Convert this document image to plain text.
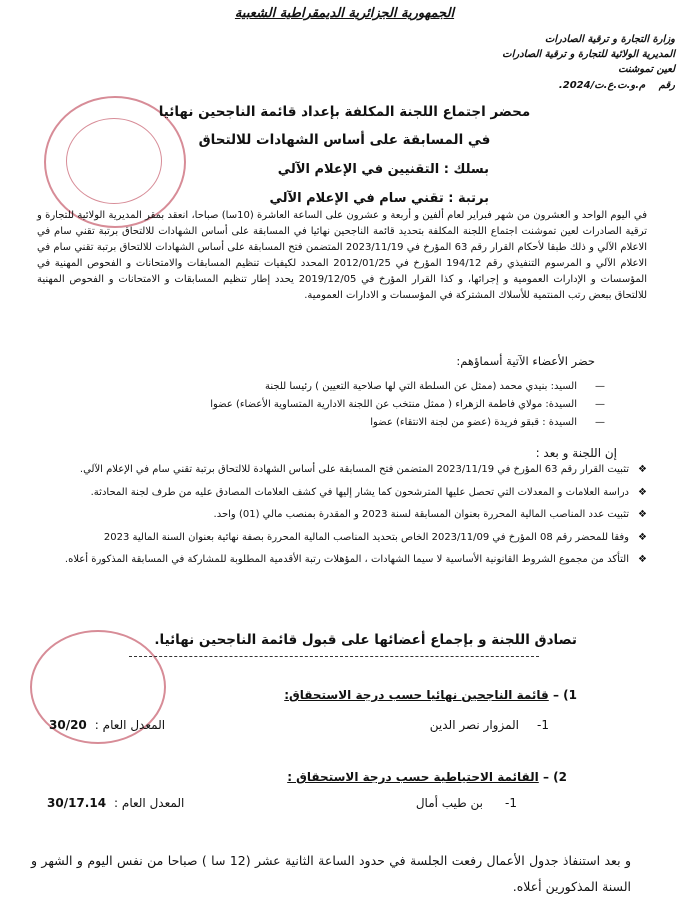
الجمهورية الجزائرية الديمقراطية الشعبية
وزارة التجارة و ترقية الصادرات
المديرية الولائية للتجارة و ترقية الصادرات
لعين تموشنت
رقم م.و.ت.ع.ت/2024.
محضر اجتماع اللجنة المكلفة بإعداد قائمة الناجحين نهائيا
في المسابقة على أساس الشهادات للالتحاق
بسلك : التقنيين في الإعلام الآلي
برتبة : تقني سام في الإعلام الآلي
في اليوم الواحد و العشرون من شهر فبراير لعام ألفين و أربعة و عشرون على الساعة العاشرة (10سا) صباحا، انعقد بمقر المديرية الولائية للتجارة و ترقية الصادرات لعين تموشنت اجتماع اللجنة المكلفة بتحديد قائمة الناجحين نهائيا في المسابقة على أساس الشهادات للالتحاق برتبة تقني سام في الاعلام الآلي و ذلك طبقا لأحكام القرار رقم 63 المؤرخ في 2023/11/19 المتضمن فتح المسابقة على أساس الشهادات للالتحاق برتبة تقني سام في الاعلام الآلي و المرسوم التنفيذي رقم 194/12 المؤرخ في 2012/01/25 المحدد لكيفيات تنظيم المسابقات والامتحانات و الفحوص المهنية في المؤسسات و الإدارات العمومية و إجرائها، و كذا القرار المؤرخ في 2019/12/05 يحدد إطار تنظيم المسابقات و الامتحانات و الفحوص المهنية للالتحاق ببعض رتب المنتمية للأسلاك المشتركة في المؤسسات و الادارات العمومية.
حضر الأعضاء الآتية أسماؤهم:
—
السيد: بنيدي محمد (ممثل عن السلطة التي لها صلاحية التعيين ) رئيسا للجنة
—
السيدة: مولاي فاطمة الزهراء ( ممثل منتخب عن اللجنة الادارية المتساوية الأعضاء) عضوا
—
السيدة : قبقو فريدة (عضو من لجنة الانتقاء) عضوا
إن اللجنة و بعد :
❖
تثبيت القرار رقم 63 المؤرخ في 2023/11/19 المتضمن فتح المسابقة على أساس الشهادة للالتحاق برتبة تقني سام في الإعلام الآلي.
❖
دراسة العلامات و المعدلات التي تحصل عليها المترشحون كما يشار إليها في كشف العلامات المصادق عليه من طرف لجنة المحادثة.
❖
تثبيت عدد المناصب المالية المحررة بعنوان المسابقة لسنة 2023 و المقدرة بمنصب مالي (01) واحد.
❖
وفقا للمحضر رقم 08 المؤرخ في 2023/11/09 الخاص بتحديد المناصب المالية المحررة بصفة نهائية بعنوان السنة المالية 2023
❖
التأكد من مجموع الشروط القانونية الأساسية لا سيما الشهادات ، المؤهلات رتبة الأقدمية المطلوبة للمشاركة في المسابقة المذكورة أعلاه.
تصادق اللجنة و بإجماع أعضائها على قبول قائمة الناجحين نهائيا.
1) – قائمة الناجحين نهائيا حسب درجة الاستحقاق:
1-
المزوار نصر الدين
المعدل العام :
30/20
2) – القائمة الاحتياطية حسب درجة الاستحقاق :
1-
بن طيب أمال
المعدل العام :
30/17.14
و بعد استنفاذ جدول الأعمال رفعت الجلسة في حدود الساعة الثانية عشر (12 سا ) صباحا من نفس اليوم و الشهر و السنة المذكورين أعلاه.
